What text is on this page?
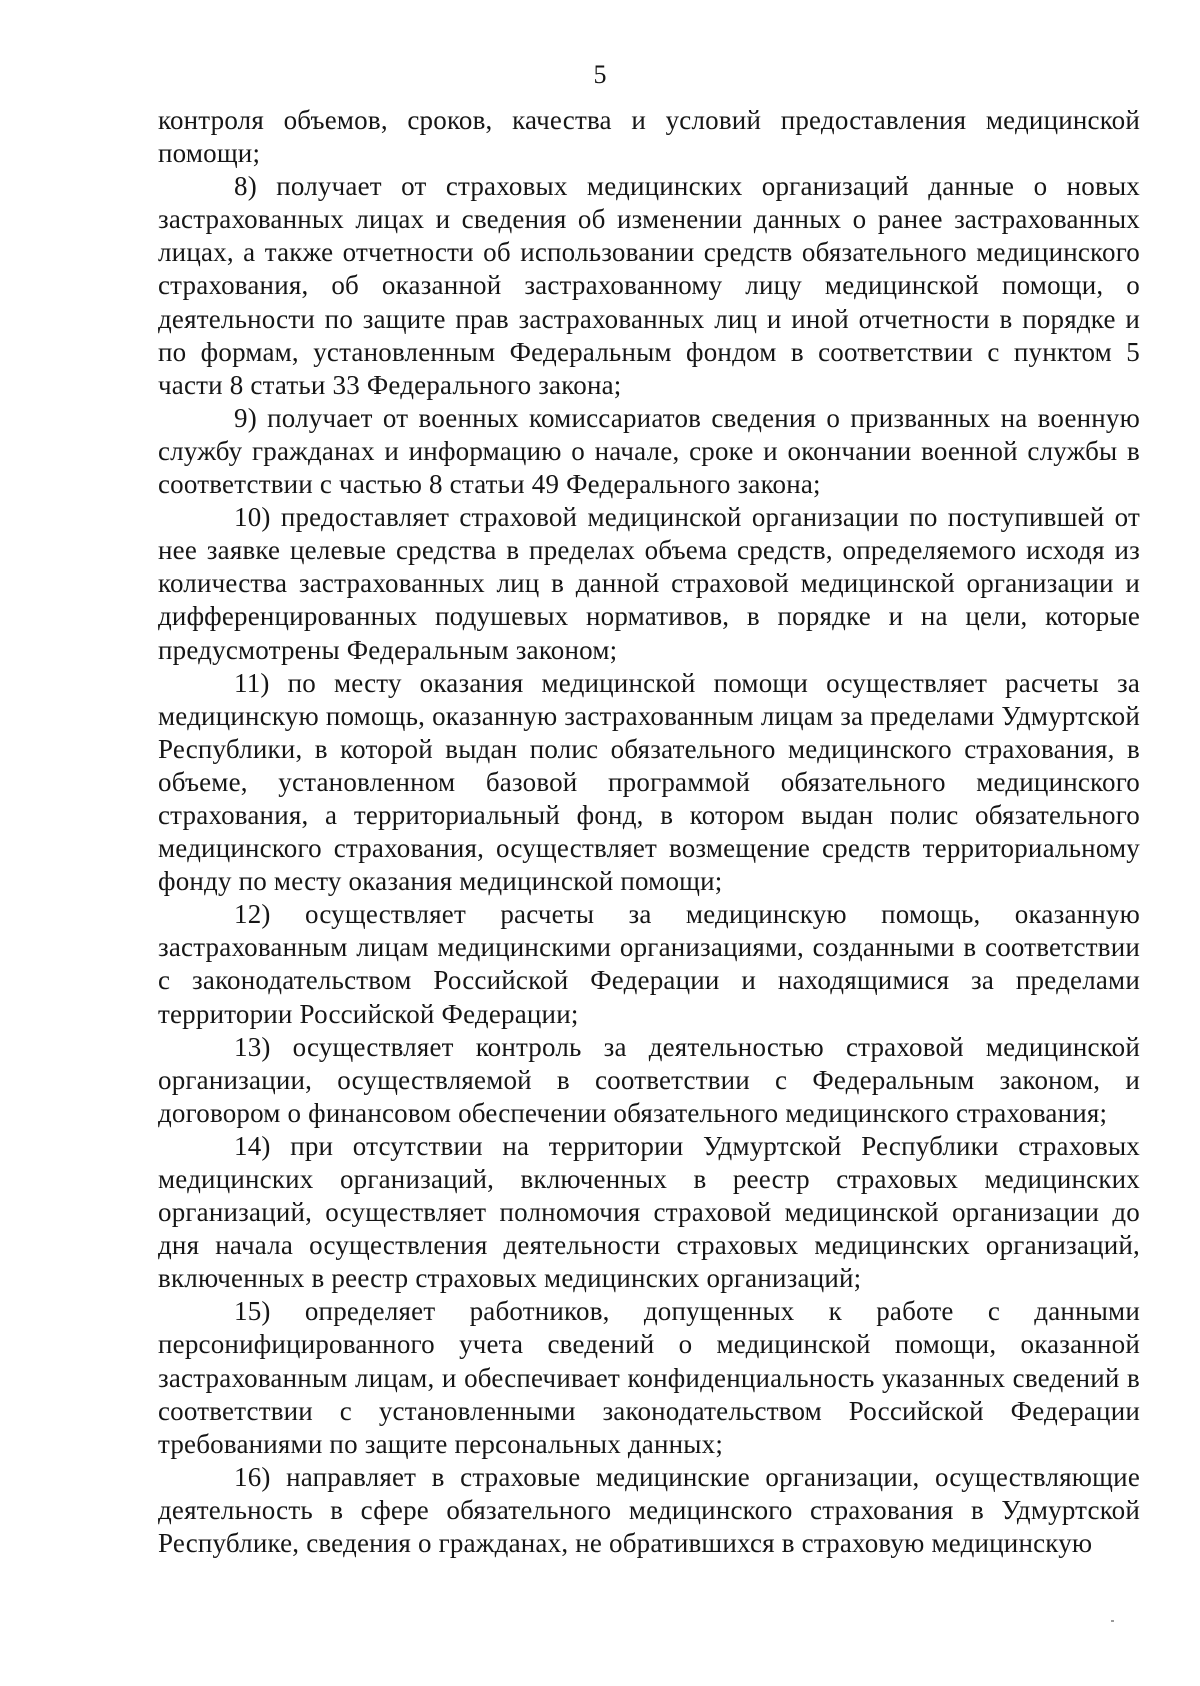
5

контроля объемов, сроков, качества и условий предоставления медицинской помощи;

8) получает от страховых медицинских организаций данные о новых застрахованных лицах и сведения об изменении данных о ранее застрахованных лицах, а также отчетности об использовании средств обязательного медицинского страхования, об оказанной застрахованному лицу медицинской помощи, о деятельности по защите прав застрахованных лиц и иной отчетности в порядке и по формам, установленным Федеральным фондом в соответствии с пунктом 5 части 8 статьи 33 Федерального закона;

9) получает от военных комиссариатов сведения о призванных на военную службу гражданах и информацию о начале, сроке и окончании военной службы в соответствии с частью 8 статьи 49 Федерального закона;

10) предоставляет страховой медицинской организации по поступившей от нее заявке целевые средства в пределах объема средств, определяемого исходя из количества застрахованных лиц в данной страховой медицинской организации и дифференцированных подушевых нормативов, в порядке и на цели, которые предусмотрены Федеральным законом;

11) по месту оказания медицинской помощи осуществляет расчеты за медицинскую помощь, оказанную застрахованным лицам за пределами Удмуртской Республики, в которой выдан полис обязательного медицинского страхования, в объеме, установленном базовой программой обязательного медицинского страхования, а территориальный фонд, в котором выдан полис обязательного медицинского страхования, осуществляет возмещение средств территориальному фонду по месту оказания медицинской помощи;

12) осуществляет расчеты за медицинскую помощь, оказанную застрахованным лицам медицинскими организациями, созданными в соответствии с законодательством Российской Федерации и находящимися за пределами территории Российской Федерации;

13) осуществляет контроль за деятельностью страховой медицинской организации, осуществляемой в соответствии с Федеральным законом, и договором о финансовом обеспечении обязательного медицинского страхования;

14) при отсутствии на территории Удмуртской Республики страховых медицинских организаций, включенных в реестр страховых медицинских организаций, осуществляет полномочия страховой медицинской организации до дня начала осуществления деятельности страховых медицинских организаций, включенных в реестр страховых медицинских организаций;

15) определяет работников, допущенных к работе с данными персонифицированного учета сведений о медицинской помощи, оказанной застрахованным лицам, и обеспечивает конфиденциальность указанных сведений в соответствии с установленными законодательством Российской Федерации требованиями по защите персональных данных;

16) направляет в страховые медицинские организации, осуществляющие деятельность в сфере обязательного медицинского страхования в Удмуртской Республике, сведения о гражданах, не обратившихся в страховую медицинскую
